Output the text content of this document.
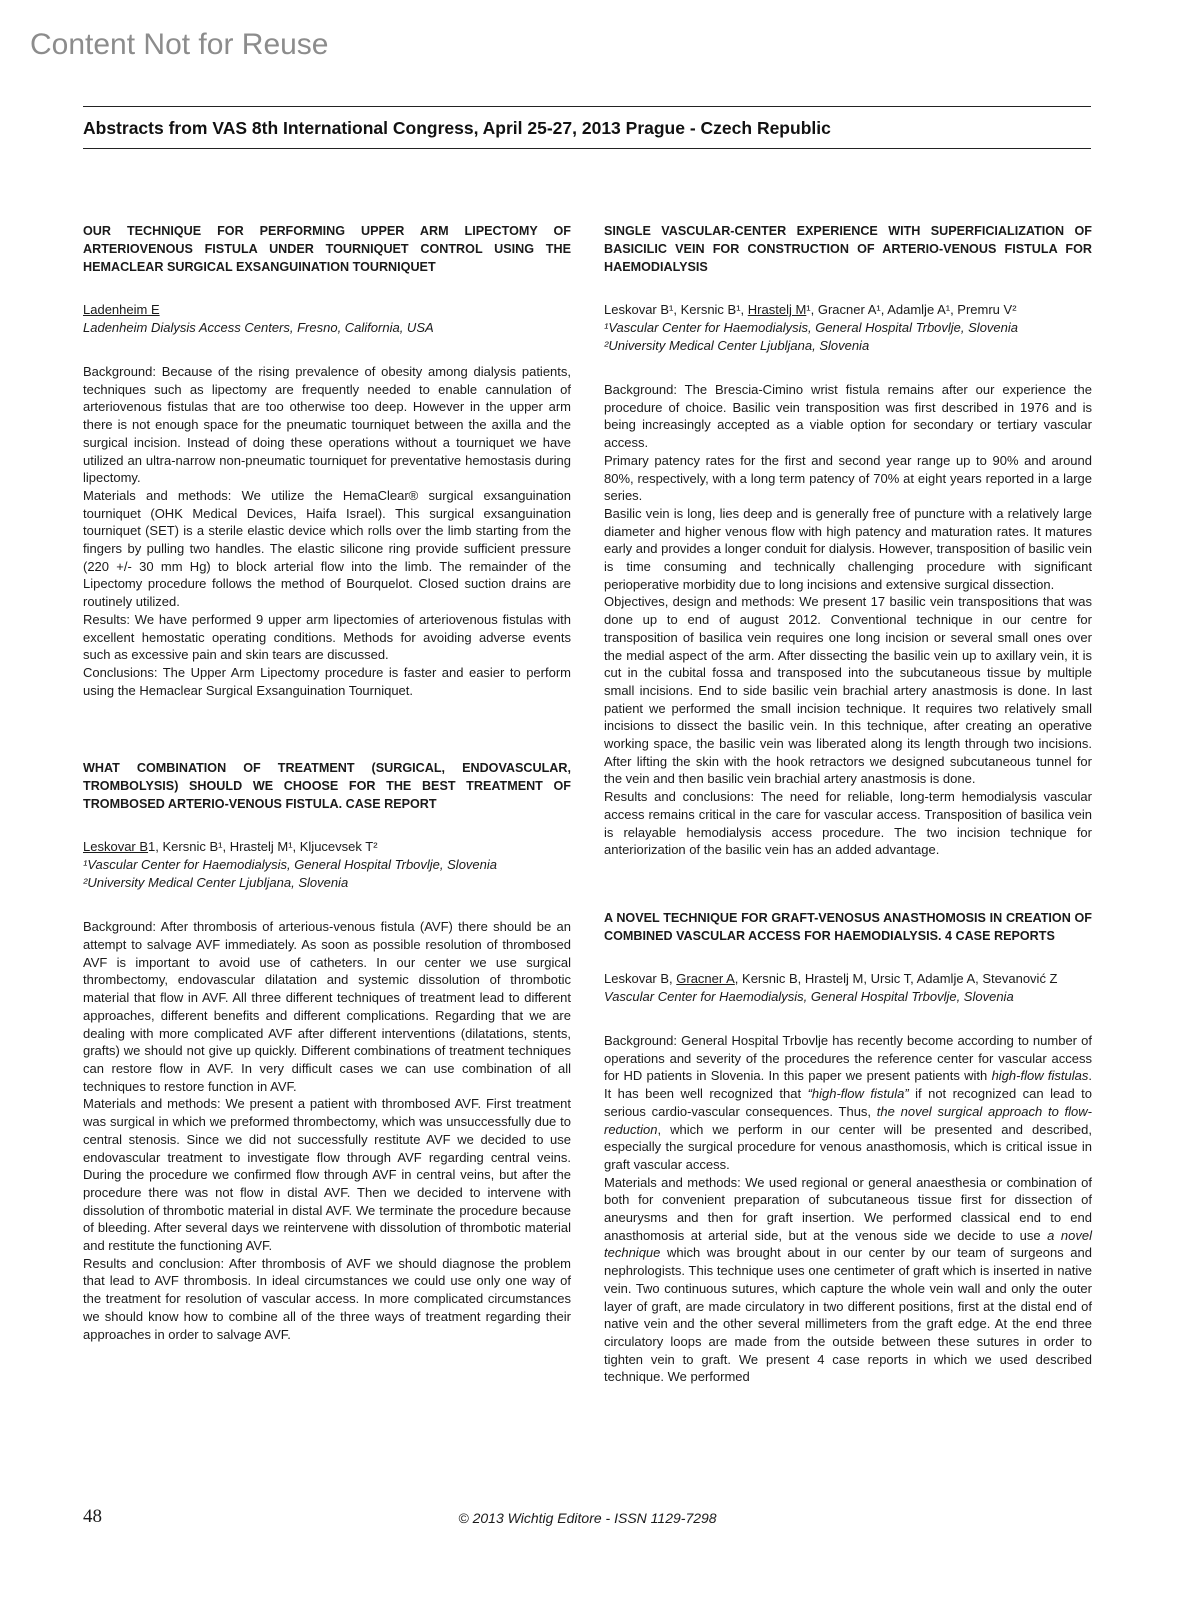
Content Not for Reuse
Abstracts from VAS 8th International Congress, April 25-27, 2013 Prague - Czech Republic
OUR TECHNIQUE FOR PERFORMING UPPER ARM LIPECTOMY OF ARTERIOVENOUS FISTULA UNDER TOURNIQUET CONTROL USING THE HEMACLEAR SURGICAL EXSANGUINATION TOURNIQUET
Ladenheim E
Ladenheim Dialysis Access Centers, Fresno, California, USA

Background: Because of the rising prevalence of obesity among dialysis patients, techniques such as lipectomy are frequently needed to enable cannulation of arteriovenous fistulas that are too otherwise too deep. However in the upper arm there is not enough space for the pneumatic tourniquet between the axilla and the surgical incision. Instead of doing these operations without a tourniquet we have utilized an ultra-narrow non-pneumatic tourniquet for preventative hemostasis during lipectomy.

Materials and methods: We utilize the HemaClear® surgical exsanguination tourniquet (OHK Medical Devices, Haifa Israel). This surgical exsanguination tourniquet (SET) is a sterile elastic device which rolls over the limb starting from the fingers by pulling two handles. The elastic silicone ring provide sufficient pressure (220 +/- 30 mm Hg) to block arterial flow into the limb. The remainder of the Lipectomy procedure follows the method of Bourquelot. Closed suction drains are routinely utilized.

Results: We have performed 9 upper arm lipectomies of arteriovenous fistulas with excellent hemostatic operating conditions. Methods for avoiding adverse events such as excessive pain and skin tears are discussed.

Conclusions: The Upper Arm Lipectomy procedure is faster and easier to perform using the Hemaclear Surgical Exsanguination Tourniquet.

WHAT COMBINATION OF TREATMENT (SURGICAL, ENDOVASCULAR, TROMBOLYSIS) SHOULD WE CHOOSE FOR THE BEST TREATMENT OF TROMBOSED ARTERIO-VENOUS FISTULA. CASE REPORT
Leskovar B1, Kersnic B¹, Hrastelj M¹, Kljucevsek T²
¹Vascular Center for Haemodialysis, General Hospital Trbovlje, Slovenia
²University Medical Center Ljubljana, Slovenia

Background: After thrombosis of arterious-venous fistula (AVF) there should be an attempt to salvage AVF immediately. As soon as possible resolution of thrombosed AVF is important to avoid use of catheters. In our center we use surgical thrombectomy, endovascular dilatation and systemic dissolution of thrombotic material that flow in AVF. All three different techniques of treatment lead to different approaches, different benefits and different complications. Regarding that we are dealing with more complicated AVF after different interventions (dilatations, stents, grafts) we should not give up quickly. Different combinations of treatment techniques can restore flow in AVF. In very difficult cases we can use combination of all techniques to restore function in AVF.

Materials and methods: We present a patient with thrombosed AVF. First treatment was surgical in which we preformed thrombectomy, which was unsuccessfully due to central stenosis. Since we did not successfully restitute AVF we decided to use endovascular treatment to investigate flow through AVF regarding central veins. During the procedure we confirmed flow through AVF in central veins, but after the procedure there was not flow in distal AVF. Then we decided to intervene with dissolution of thrombotic material in distal AVF. We terminate the procedure because of bleeding. After several days we reintervene with dissolution of thrombotic material and restitute the functioning AVF.

Results and conclusion: After thrombosis of AVF we should diagnose the problem that lead to AVF thrombosis. In ideal circumstances we could use only one way of the treatment for resolution of vascular access. In more complicated circumstances we should know how to combine all of the three ways of treatment regarding their approaches in order to salvage AVF.

SINGLE VASCULAR-CENTER EXPERIENCE WITH SUPERFICIALIZATION OF BASICILIC VEIN FOR CONSTRUCTION OF ARTERIO-VENOUS FISTULA FOR HAEMODIALYSIS
Leskovar B¹, Kersnic B¹, Hrastelj M¹, Gracner A¹, Adamlje A¹, Premru V²
¹Vascular Center for Haemodialysis, General Hospital Trbovlje, Slovenia
²University Medical Center Ljubljana, Slovenia

Background: The Brescia-Cimino wrist fistula remains after our experience the procedure of choice. Basilic vein transposition was first described in 1976 and is being increasingly accepted as a viable option for secondary or tertiary vascular access.

Primary patency rates for the first and second year range up to 90% and around 80%, respectively, with a long term patency of 70% at eight years reported in a large series.

Basilic vein is long, lies deep and is generally free of puncture with a relatively large diameter and higher venous flow with high patency and maturation rates. It matures early and provides a longer conduit for dialysis. However, transposition of basilic vein is time consuming and technically challenging procedure with significant perioperative morbidity due to long incisions and extensive surgical dissection.

Objectives, design and methods: We present 17 basilic vein transpositions that was done up to end of august 2012. Conventional technique in our centre for transposition of basilica vein requires one long incision or several small ones over the medial aspect of the arm. After dissecting the basilic vein up to axillary vein, it is cut in the cubital fossa and transposed into the subcutaneous tissue by multiple small incisions. End to side basilic vein brachial artery anastmosis is done. In last patient we performed the small incision technique. It requires two relatively small incisions to dissect the basilic vein. In this technique, after creating an operative working space, the basilic vein was liberated along its length through two incisions. After lifting the skin with the hook retractors we designed subcutaneous tunnel for the vein and then basilic vein brachial artery anastmosis is done.

Results and conclusions: The need for reliable, long-term hemodialysis vascular access remains critical in the care for vascular access. Transposition of basilica vein is relayable hemodialysis access procedure. The two incision technique for anteriorization of the basilic vein has an added advantage.

A NOVEL TECHNIQUE FOR GRAFT-VENOSUS ANASTHOMOSIS IN CREATION OF COMBINED VASCULAR ACCESS FOR HAEMODIALYSIS. 4 CASE REPORTS
Leskovar B, Gracner A, Kersnic B, Hrastelj M, Ursic T, Adamlje A, Stevanović Z
Vascular Center for Haemodialysis, General Hospital Trbovlje, Slovenia

Background: General Hospital Trbovlje has recently become according to number of operations and severity of the procedures the reference center for vascular access for HD patients in Slovenia. In this paper we present patients with high-flow fistulas. It has been well recognized that “high-flow fistula” if not recognized can lead to serious cardio-vascular consequences. Thus, the novel surgical approach to flow-reduction, which we perform in our center will be presented and described, especially the surgical procedure for venous anasthomosis, which is critical issue in graft vascular access.

Materials and methods: We used regional or general anaesthesia or combination of both for convenient preparation of subcutaneous tissue first for dissection of aneurysms and then for graft insertion. We performed classical end to end anasthomosis at arterial side, but at the venous side we decide to use a novel technique which was brought about in our center by our team of surgeons and nephrologists. This technique uses one centimeter of graft which is inserted in native vein. Two continuous sutures, which capture the whole vein wall and only the outer layer of graft, are made circulatory in two different positions, first at the distal end of native vein and the other several millimeters from the graft edge. At the end three circulatory loops are made from the outside between these sutures in order to tighten vein to graft. We present 4 case reports in which we used described technique. We performed

48	© 2013 Wichtig Editore - ISSN 1129-7298
